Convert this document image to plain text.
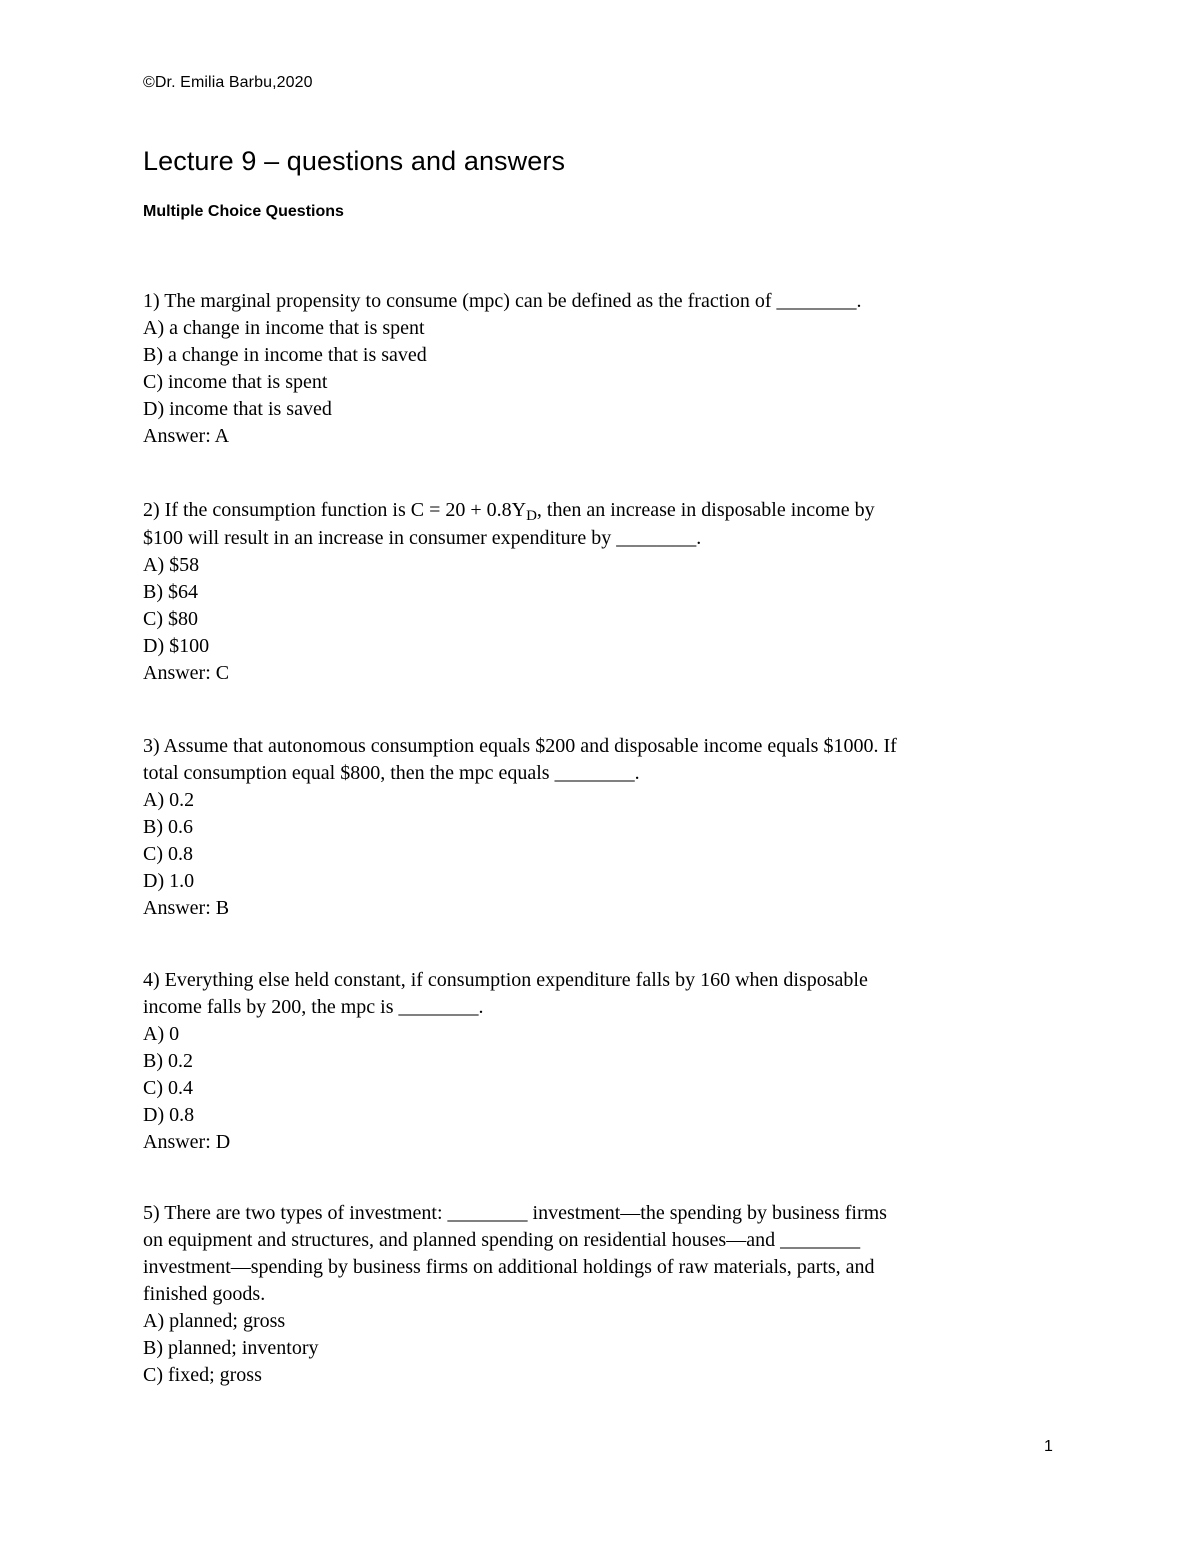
©Dr. Emilia Barbu,2020
Lecture 9 – questions and answers
Multiple Choice Questions
1) The marginal propensity to consume (mpc) can be defined as the fraction of ________.
A) a change in income that is spent
B) a change in income that is saved
C) income that is spent
D) income that is saved
Answer: A
2) If the consumption function is $C = 20 + 0.8Y_D$, then an increase in disposable income by
$100 will result in an increase in consumer expenditure by ________.
A) $58
B) $64
C) $80
D) $100
Answer: C
3) Assume that autonomous consumption equals $200 and disposable income equals $1000. If
total consumption equal $800, then the mpc equals ________.
A) 0.2
B) 0.6
C) 0.8
D) 1.0
Answer: B
4) Everything else held constant, if consumption expenditure falls by 160 when disposable
income falls by 200, the mpc is ________.
A) 0
B) 0.2
C) 0.4
D) 0.8
Answer: D
5) There are two types of investment: ________ investment—the spending by business firms
on equipment and structures, and planned spending on residential houses—and ________
investment—spending by business firms on additional holdings of raw materials, parts, and
finished goods.
A) planned; gross
B) planned; inventory
C) fixed; gross
1
